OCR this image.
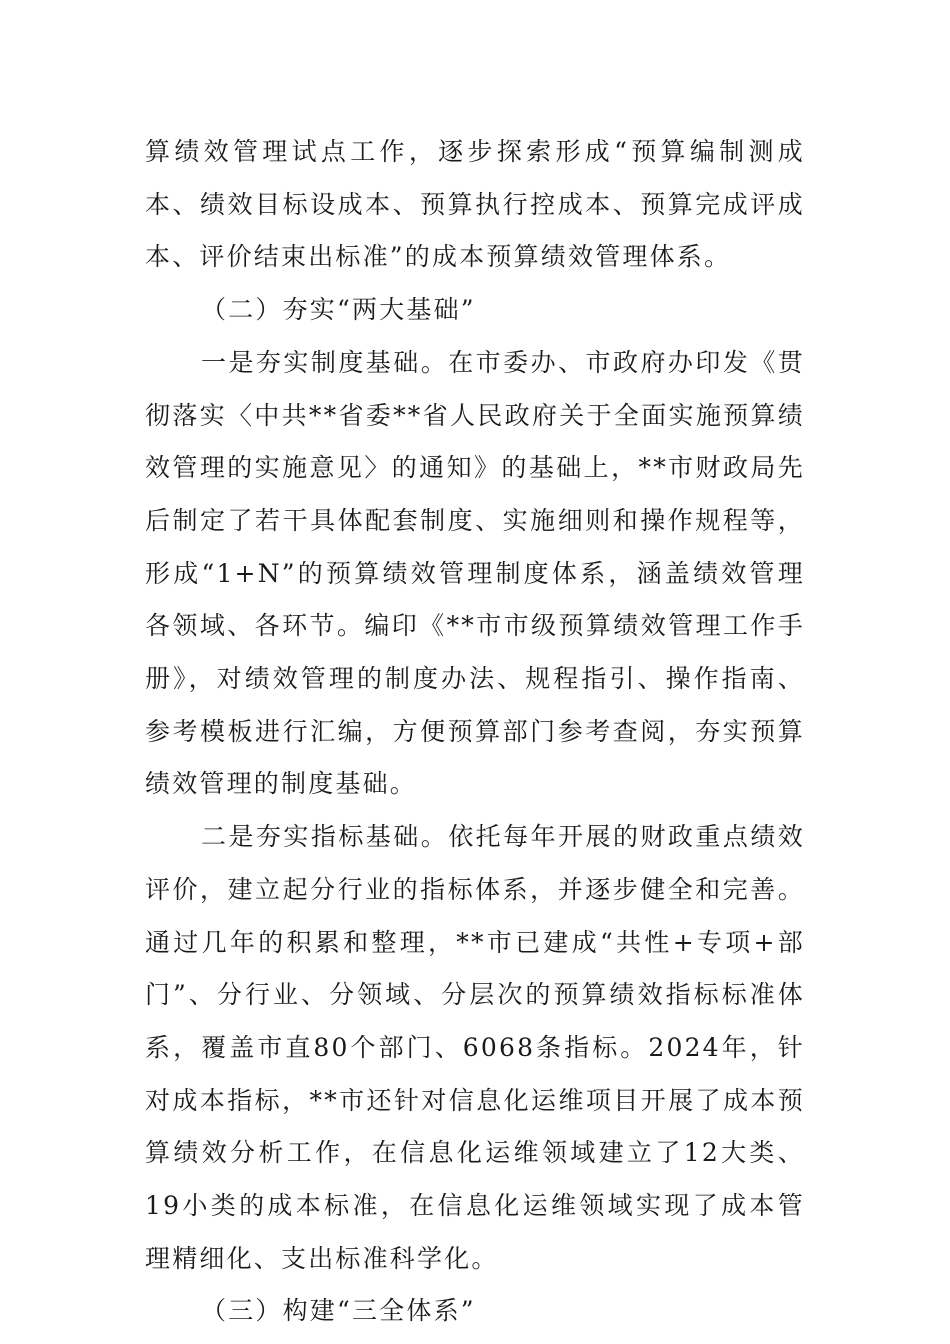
算绩效管理试点工作，逐步探索形成“预算编制测成本、绩效目标设成本、预算执行控成本、预算完成评成本、评价结束出标准”的成本预算绩效管理体系。

（二）夯实“两大基础”

一是夯实制度基础。在市委办、市政府办印发《贯彻落实〈中共**省委**省人民政府关于全面实施预算绩效管理的实施意见〉的通知》的基础上，**市财政局先后制定了若干具体配套制度、实施细则和操作规程等，形成“1+N”的预算绩效管理制度体系，涵盖绩效管理各领域、各环节。编印《**市市级预算绩效管理工作手册》，对绩效管理的制度办法、规程指引、操作指南、参考模板进行汇编，方便预算部门参考查阅，夯实预算绩效管理的制度基础。

二是夯实指标基础。依托每年开展的财政重点绩效评价，建立起分行业的指标体系，并逐步健全和完善。通过几年的积累和整理，**市已建成“共性+专项+部门”、分行业、分领域、分层次的预算绩效指标标准体系，覆盖市直80个部门、6068条指标。2024年，针对成本指标，**市还针对信息化运维项目开展了成本预算绩效分析工作，在信息化运维领域建立了12大类、19小类的成本标准，在信息化运维领域实现了成本管理精细化、支出标准科学化。

（三）构建“三全体系”
